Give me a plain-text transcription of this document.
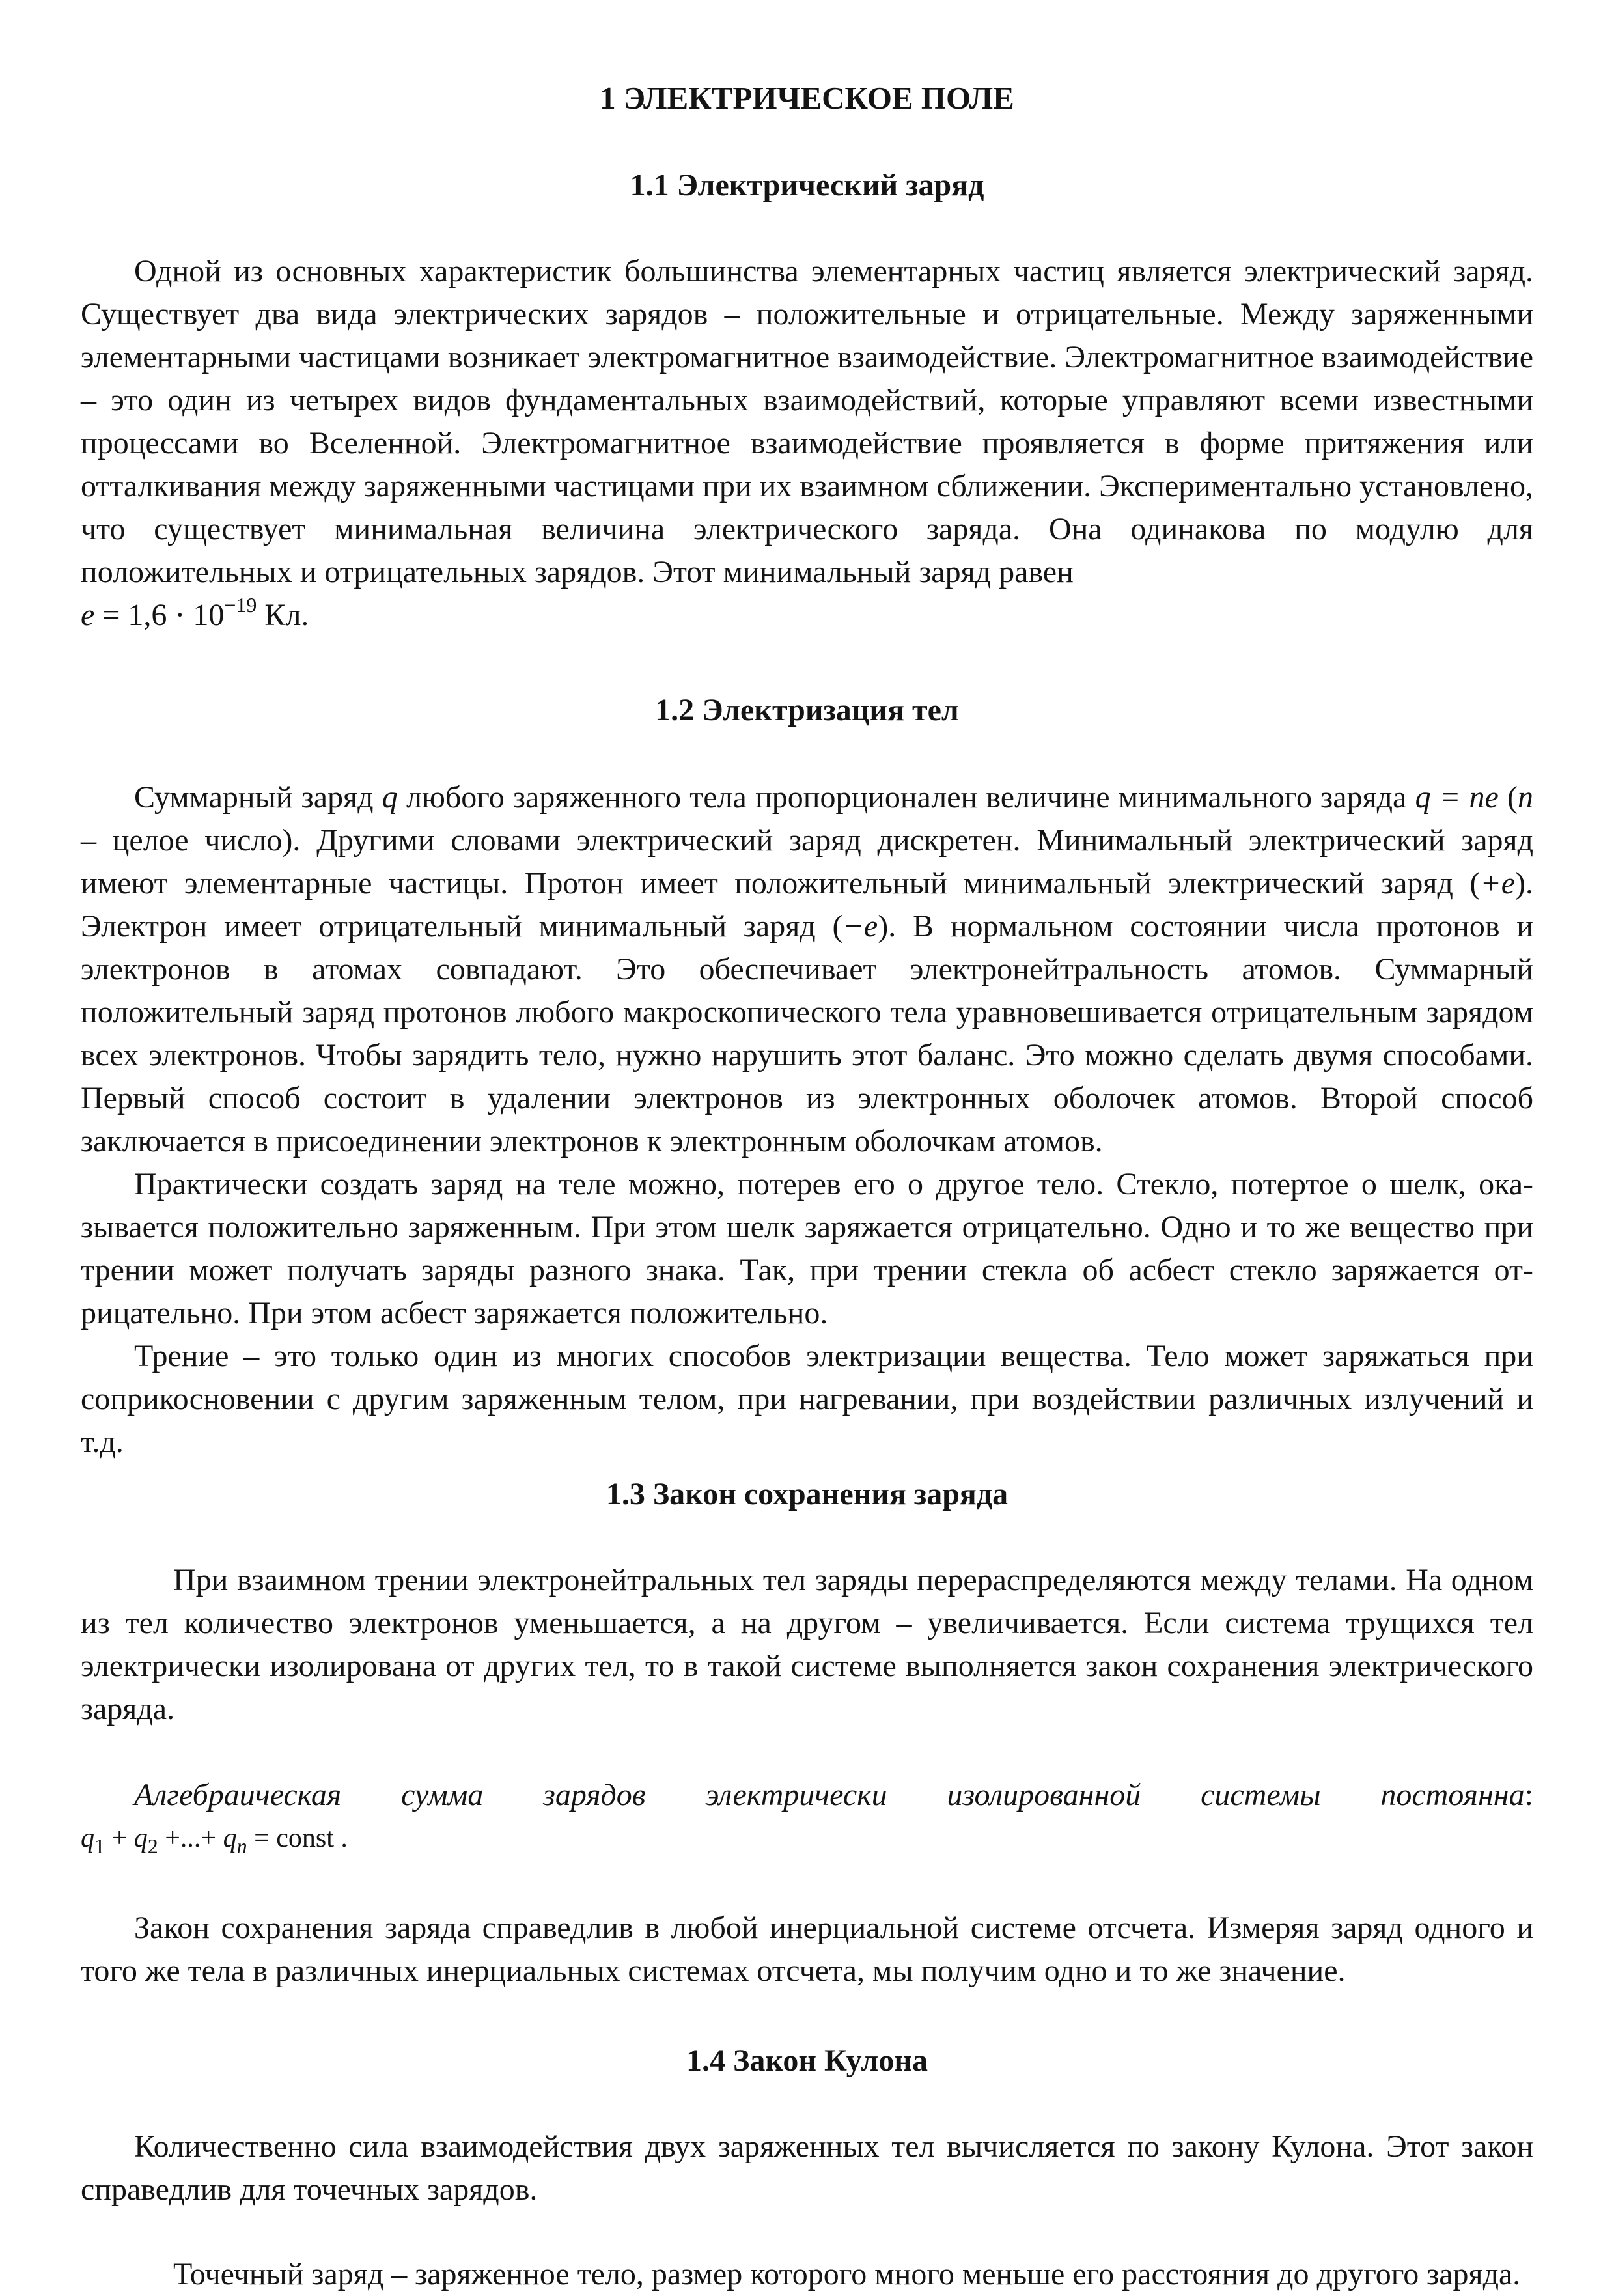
1 ЭЛЕКТРИЧЕСКОЕ ПОЛЕ
1.1 Электрический заряд

Одной из основных характеристик большинства элементарных частиц является электрический заряд. Существует два вида электрических зарядов – положительные и отрицательные. Между заряженными элементарными частицами возникает электромагнитное взаимодействие. Электромагнитное взаимодействие – это один из четырех видов фундаментальных взаимодействий, которые управляют всеми известными процессами во Вселенной. Электромагнитное взаимодействие проявляется в форме притяжения или отталкивания между заряженными частицами при их взаимном сближении. Экспериментально установлено, что существует минимальная величина электрического заряда. Она одинакова по модулю для положительных и отрицательных зарядов. Этот минимальный заряд равен
$e = 1,6 \cdot 10^{-19}$ Кл.

1.2 Электризация тел

Суммарный заряд q любого заряженного тела пропорционален величине минимального заряда q = ne (n – целое число). Другими словами электрический заряд дискретен. Минимальный электрический заряд имеют элементарные частицы. Протон имеет положительный минимальный электрический заряд (+e). Электрон имеет отрицательный минимальный заряд (−e). В нормальном состоянии числа протонов и электронов в атомах совпадают. Это обеспечивает электронейтральность атомов. Суммарный положительный заряд протонов любого макроскопического тела уравновешивается отрицательным зарядом всех электронов. Чтобы зарядить тело, нужно нарушить этот баланс. Это можно сделать двумя способами. Первый способ состоит в удалении электронов из электронных оболочек атомов. Второй способ заключается в присоединении электронов к электронным оболочкам атомов.

Практически создать заряд на теле можно, потерев его о другое тело. Стекло, потертое о шелк, оказывается положительно заряженным. При этом шелк заряжается отрицательно. Одно и то же вещество при трении может получать заряды разного знака. Так, при трении стекла об асбест стекло заряжается отрицательно. При этом асбест заряжается положительно.

Трение – это только один из многих способов электризации вещества. Тело может заряжаться при соприкосновении с другим заряженным телом, при нагревании, при воздействии различных излучений и т.д.

1.3 Закон сохранения заряда

При взаимном трении электронейтральных тел заряды перераспределяются между телами. На одном из тел количество электронов уменьшается, а на другом – увеличивается. Если система трущихся тел электрически изолирована от других тел, то в такой системе выполняется закон сохранения электрического заряда.

Алгебраическая сумма зарядов электрически изолированной системы постоянна:
$q_1 + q_2$ +...+ $q_n$ = const .

Закон сохранения заряда справедлив в любой инерциальной системе отсчета. Измеряя заряд одного и того же тела в различных инерциальных системах отсчета, мы получим одно и то же значение.

1.4 Закон Кулона

Количественно сила взаимодействия двух заряженных тел вычисляется по закону Кулона. Этот закон справедлив для точечных зарядов.

Точечный заряд – заряженное тело, размер которого много меньше его расстояния до другого заряда.
